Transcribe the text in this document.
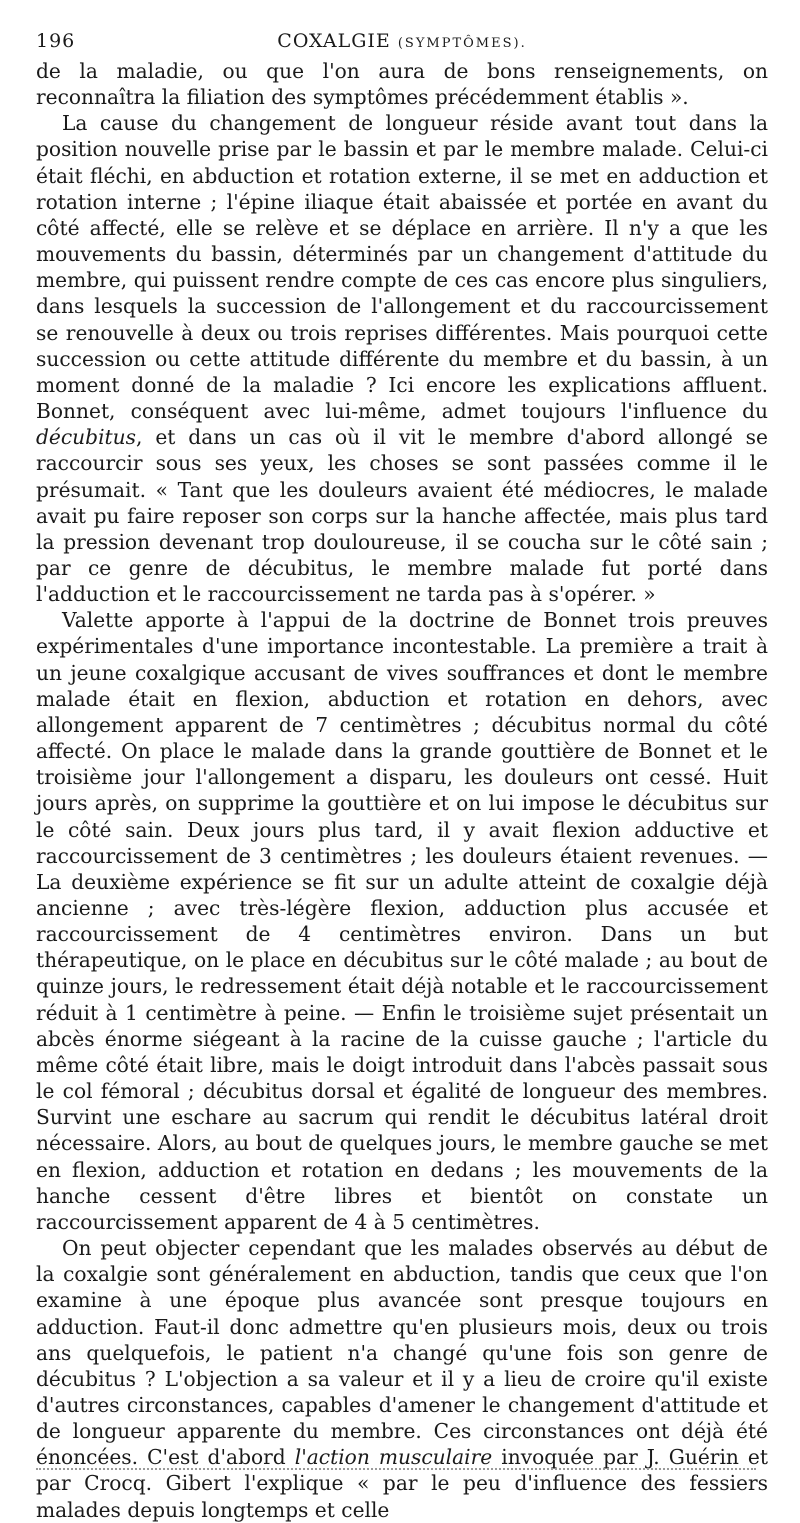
196	COXALGIE (SYMPTÔMES).

de la maladie, ou que l'on aura de bons renseignements, on reconnaîtra la filiation des symptômes précédemment établis ».

La cause du changement de longueur réside avant tout dans la position nouvelle prise par le bassin et par le membre malade. Celui-ci était fléchi, en abduction et rotation externe, il se met en adduction et rotation interne ; l'épine iliaque était abaissée et portée en avant du côté affecté, elle se relève et se déplace en arrière. Il n'y a que les mouvements du bassin, déterminés par un changement d'attitude du membre, qui puissent rendre compte de ces cas encore plus singuliers, dans lesquels la succession de l'allongement et du raccourcissement se renouvelle à deux ou trois reprises différentes. Mais pourquoi cette succession ou cette attitude différente du membre et du bassin, à un moment donné de la maladie ? Ici encore les explications affluent. Bonnet, conséquent avec lui-même, admet toujours l'influence du décubitus, et dans un cas où il vit le membre d'abord allongé se raccourcir sous ses yeux, les choses se sont passées comme il le présumait. « Tant que les douleurs avaient été médiocres, le malade avait pu faire reposer son corps sur la hanche affectée, mais plus tard la pression devenant trop douloureuse, il se coucha sur le côté sain ; par ce genre de décubitus, le membre malade fut porté dans l'adduction et le raccourcissement ne tarda pas à s'opérer. »

Valette apporte à l'appui de la doctrine de Bonnet trois preuves expérimentales d'une importance incontestable. La première a trait à un jeune coxalgique accusant de vives souffrances et dont le membre malade était en flexion, abduction et rotation en dehors, avec allongement apparent de 7 centimètres ; décubitus normal du côté affecté. On place le malade dans la grande gouttière de Bonnet et le troisième jour l'allongement a disparu, les douleurs ont cessé. Huit jours après, on supprime la gouttière et on lui impose le décubitus sur le côté sain. Deux jours plus tard, il y avait flexion adductive et raccourcissement de 3 centimètres ; les douleurs étaient revenues. — La deuxième expérience se fit sur un adulte atteint de coxalgie déjà ancienne ; avec très-légère flexion, adduction plus accusée et raccourcissement de 4 centimètres environ. Dans un but thérapeutique, on le place en décubitus sur le côté malade ; au bout de quinze jours, le redressement était déjà notable et le raccourcissement réduit à 1 centimètre à peine. — Enfin le troisième sujet présentait un abcès énorme siégeant à la racine de la cuisse gauche ; l'article du même côté était libre, mais le doigt introduit dans l'abcès passait sous le col fémoral ; décubitus dorsal et égalité de longueur des membres. Survint une eschare au sacrum qui rendit le décubitus latéral droit nécessaire. Alors, au bout de quelques jours, le membre gauche se met en flexion, adduction et rotation en dedans ; les mouvements de la hanche cessent d'être libres et bientôt on constate un raccourcissement apparent de 4 à 5 centimètres.

On peut objecter cependant que les malades observés au début de la coxalgie sont généralement en abduction, tandis que ceux que l'on examine à une époque plus avancée sont presque toujours en adduction. Faut-il donc admettre qu'en plusieurs mois, deux ou trois ans quelquefois, le patient n'a changé qu'une fois son genre de décubitus ? L'objection a sa valeur et il y a lieu de croire qu'il existe d'autres circonstances, capables d'amener le changement d'attitude et de longueur apparente du membre. Ces circonstances ont déjà été énoncées. C'est d'abord l'action musculaire invoquée par J. Guérin et par Crocq. Gibert l'explique « par le peu d'influence des fessiers malades depuis longtemps et celle
